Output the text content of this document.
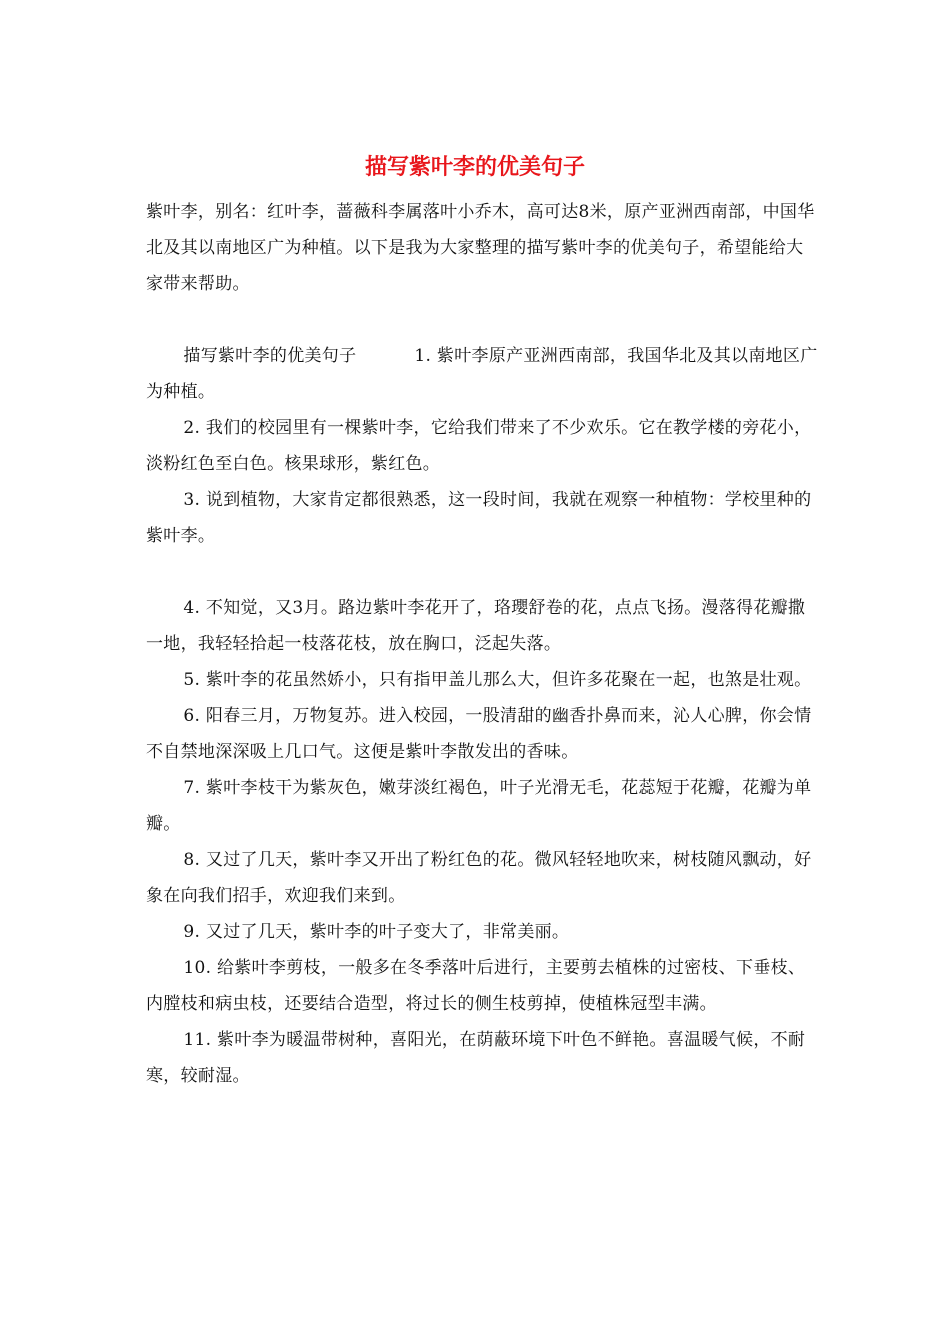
描写紫叶李的优美句子

紫叶李，别名：红叶李，蔷薇科李属落叶小乔木，高可达8米，原产亚洲西南部，中国华北及其以南地区广为种植。以下是我为大家整理的描写紫叶李的优美句子，希望能给大家带来帮助。

描写紫叶李的优美句子	1. 紫叶李原产亚洲西南部，我国华北及其以南地区广为种植。

2. 我们的校园里有一棵紫叶李，它给我们带来了不少欢乐。它在教学楼的旁花小，淡粉红色至白色。核果球形，紫红色。

3. 说到植物，大家肯定都很熟悉，这一段时间，我就在观察一种植物：学校里种的紫叶李。

4. 不知觉，又3月。路边紫叶李花开了，珞瓔舒卷的花，点点飞扬。漫落得花瓣撒一地，我轻轻拾起一枝落花枝，放在胸口，泛起失落。

5. 紫叶李的花虽然娇小，只有指甲盖儿那么大，但许多花聚在一起，也煞是壮观。

6. 阳春三月，万物复苏。进入校园，一股清甜的幽香扑鼻而来，沁人心脾，你会情不自禁地深深吸上几口气。这便是紫叶李散发出的香味。

7. 紫叶李枝干为紫灰色，嫩芽淡红褐色，叶子光滑无毛，花蕊短于花瓣，花瓣为单瓣。

8. 又过了几天，紫叶李又开出了粉红色的花。微风轻轻地吹来，树枝随风飘动，好象在向我们招手，欢迎我们来到。

9. 又过了几天，紫叶李的叶子变大了，非常美丽。

10. 给紫叶李剪枝，一般多在冬季落叶后进行，主要剪去植株的过密枝、下垂枝、内膛枝和病虫枝，还要结合造型，将过长的侧生枝剪掉，使植株冠型丰满。

11. 紫叶李为暖温带树种，喜阳光，在荫蔽环境下叶色不鲜艳。喜温暖气候，不耐寒，较耐湿。
